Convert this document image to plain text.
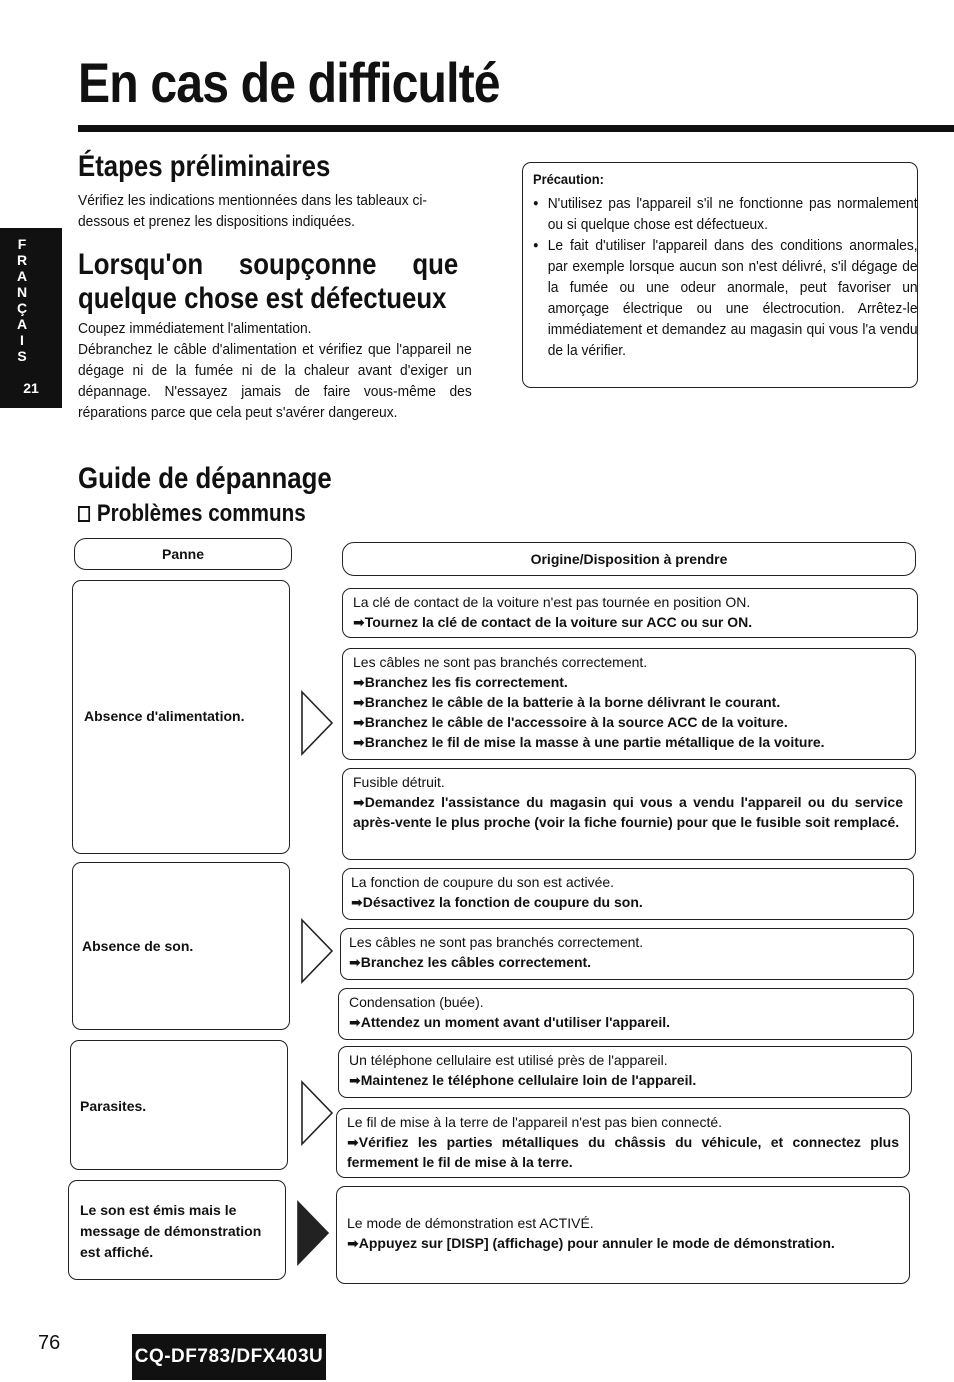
En cas de difficulté
F
R
A
N
Ç
A
I
S
21
Étapes préliminaires
Vérifiez les indications mentionnées dans les tableaux ci-dessous et prenez les dispositions indiquées.
Lorsqu'on     soupçonne     que
quelque chose est défectueux
Coupez immédiatement l'alimentation.
Débranchez le câble d'alimentation et vérifiez que l'appareil ne dégage ni de la fumée ni de la chaleur avant d'exiger un dépannage. N'essayez jamais de faire vous-même des réparations parce que cela peut s'avérer dangereux.
Précaution:
● N'utilisez pas l'appareil s'il ne fonctionne pas normalement ou si quelque chose est défectueux.
● Le fait d'utiliser l'appareil dans des conditions anormales, par exemple lorsque aucun son n'est délivré, s'il dégage de la fumée ou une odeur anormale, peut favoriser un amorçage électrique ou une électrocution. Arrêtez-le immédiatement et demandez au magasin qui vous l'a vendu de la vérifier.
Guide de dépannage
Problèmes communs
Panne	Origine/Disposition à prendre
Absence d'alimentation.
La clé de contact de la voiture n'est pas tournée en position ON.
➡Tournez la clé de contact de la voiture sur ACC ou sur ON.
Les câbles ne sont pas branchés correctement.
➡Branchez les fis correctement.
➡Branchez le câble de la batterie à la borne délivrant le courant.
➡Branchez le câble de l'accessoire à la source ACC de la voiture.
➡Branchez le fil de mise la masse à une partie métallique de la voiture.
Fusible détruit.
➡Demandez l'assistance du magasin qui vous a vendu l'appareil ou du service après-vente le plus proche (voir la fiche fournie) pour que le fusible soit remplacé.
Absence de son.
La fonction de coupure du son est activée.
➡Désactivez la fonction de coupure du son.
Les câbles ne sont pas branchés correctement.
➡Branchez les câbles correctement.
Condensation (buée).
➡Attendez un moment avant d'utiliser l'appareil.
Parasites.
Un téléphone cellulaire est utilisé près de l'appareil.
➡Maintenez le téléphone cellulaire loin de l'appareil.
Le fil de mise à la terre de l'appareil n'est pas bien connecté.
➡Vérifiez les parties métalliques du châssis du véhicule, et connectez plus fermement le fil de mise à la terre.
Le son est émis mais le message de démonstration est affiché.
Le mode de démonstration est ACTIVÉ.
➡Appuyez sur [DISP] (affichage) pour annuler le mode de démonstration.
76
CQ-DF783/DFX403U
